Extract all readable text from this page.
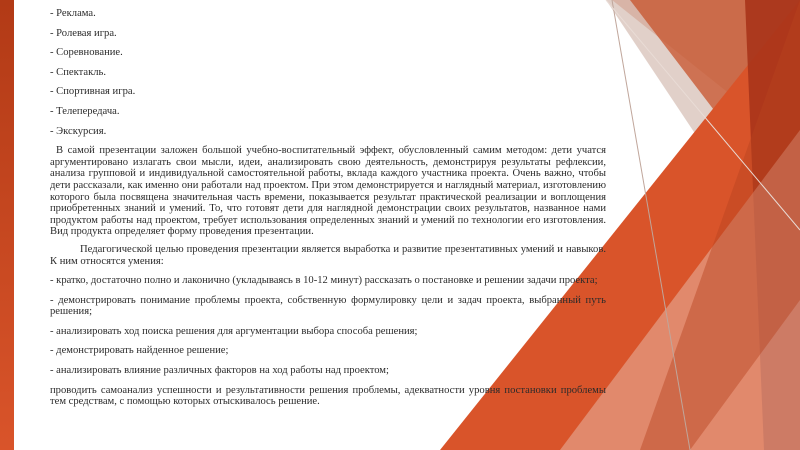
- Реклама.
- Ролевая игра.
- Соревнование.
- Спектакль.
- Спортивная игра.
- Телепередача.
- Экскурсия.

В самой презентации заложен большой учебно-воспитательный эффект, обусловленный самим методом: дети учатся аргументировано излагать свои мысли, идеи, анализировать свою деятельность, демонстрируя результаты рефлексии, анализа групповой и индивидуальной самостоятельной работы, вклада каждого участника проекта. Очень важно, чтобы дети рассказали, как именно они работали над проектом. При этом демонстрируется и наглядный материал, изготовлению которого была посвящена значительная часть времени, показывается результат практической реализации и воплощения приобретенных знаний и умений. То, что готовят дети для наглядной демонстрации своих результатов, названное нами продуктом работы над проектом, требует использования определенных знаний и умений по технологии его изготовления. Вид продукта определяет форму проведения презентации.

Педагогической целью проведения презентации является выработка и развитие презентативных умений и навыков. К ним относятся умения:

- кратко, достаточно полно и лаконично (укладываясь в 10-12 минут) рассказать о постановке и решении задачи проекта;

- демонстрировать понимание проблемы проекта, собственную формулировку цели и задач проекта, выбранный путь решения;

- анализировать ход поиска решения для аргументации выбора способа решения;

- демонстрировать найденное решение;

- анализировать влияние различных факторов на ход работы над проектом;

проводить самоанализ успешности и результативности решения проблемы, адекватности уровня постановки проблемы тем средствам, с помощью которых отыскивалось решение.
